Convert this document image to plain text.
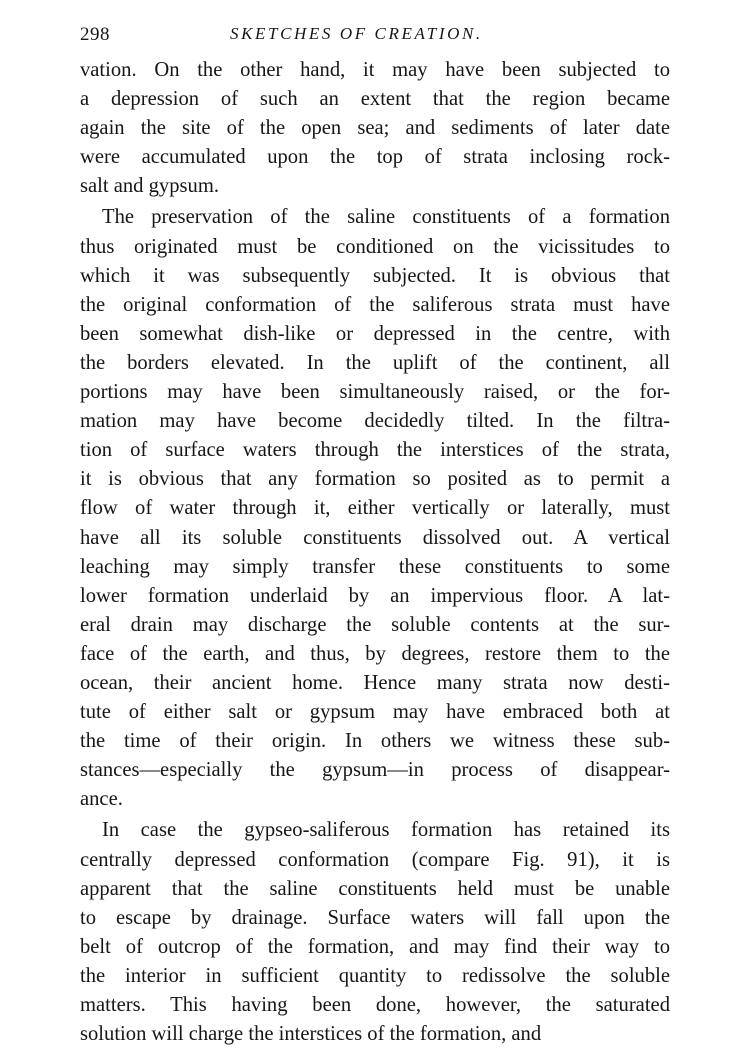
298	SKETCHES OF CREATION.
vation. On the other hand, it may have been subjected to
a depression of such an extent that the region became
again the site of the open sea; and sediments of later date
were accumulated upon the top of strata inclosing rock-
salt and gypsum.
The preservation of the saline constituents of a formation
thus originated must be conditioned on the vicissitudes to
which it was subsequently subjected. It is obvious that
the original conformation of the saliferous strata must have
been somewhat dish-like or depressed in the centre, with
the borders elevated. In the uplift of the continent, all
portions may have been simultaneously raised, or the for-
mation may have become decidedly tilted. In the filtra-
tion of surface waters through the interstices of the strata,
it is obvious that any formation so posited as to permit a
flow of water through it, either vertically or laterally, must
have all its soluble constituents dissolved out. A vertical
leaching may simply transfer these constituents to some
lower formation underlaid by an impervious floor. A lat-
eral drain may discharge the soluble contents at the sur-
face of the earth, and thus, by degrees, restore them to the
ocean, their ancient home. Hence many strata now desti-
tute of either salt or gypsum may have embraced both at
the time of their origin. In others we witness these sub-
stances—especially the gypsum—in process of disappear-
ance.
In case the gypseo-saliferous formation has retained its
centrally depressed conformation (compare Fig. 91), it is
apparent that the saline constituents held must be unable
to escape by drainage. Surface waters will fall upon the
belt of outcrop of the formation, and may find their way to
the interior in sufficient quantity to redissolve the soluble
matters. This having been done, however, the saturated
solution will charge the interstices of the formation, and
